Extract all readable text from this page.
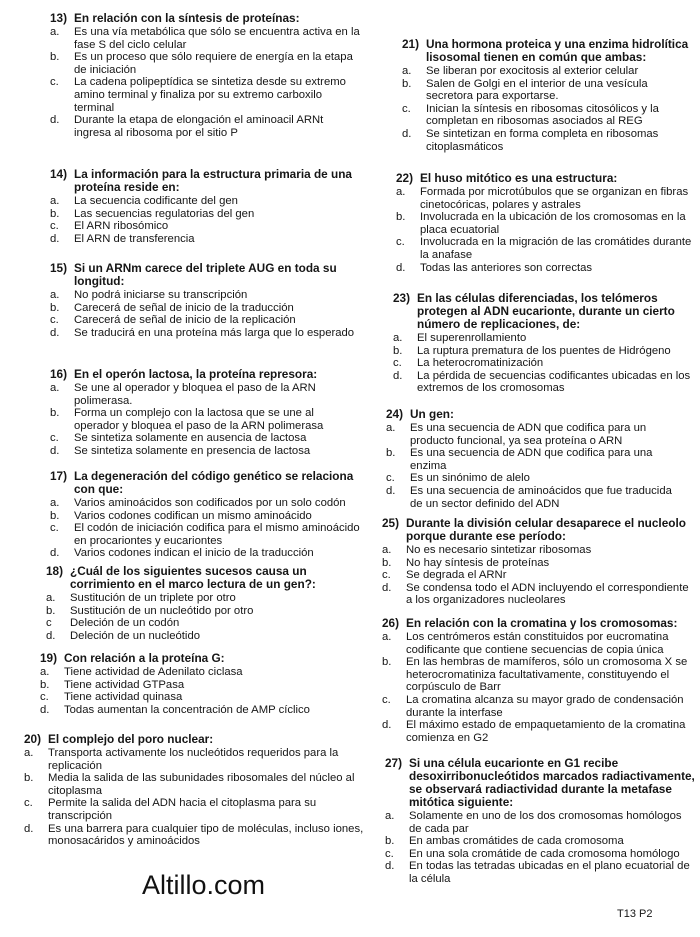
13) En relación con la síntesis de proteínas:
a.	Es una vía metabólica que sólo se encuentra activa en la fase S del ciclo celular
b.	Es un proceso que sólo requiere de energía en la etapa de iniciación
c.	La cadena polipeptídica se sintetiza desde su extremo amino terminal y finaliza por su extremo carboxilo terminal
d.	Durante la etapa de elongación el aminoacil ARNt ingresa al ribosoma por el sitio P
14) La información para la estructura primaria de una proteína reside en:
a.	La secuencia codificante del gen
b.	Las secuencias regulatorias del gen
c.	El ARN ribosómico
d.	El ARN de transferencia
15) Si un ARNm carece del triplete AUG en toda su longitud:
a.	No podrá iniciarse su transcripción
b.	Carecerá de señal de inicio de la traducción
c.	Carecerá de señal de inicio de la replicación
d.	Se traducirá en una proteína más larga que lo esperado
16) En el operón lactosa, la proteína represora:
a.	Se une al operador y bloquea el paso de la ARN polimerasa.
b.	Forma un complejo con la lactosa que se une al operador y bloquea el paso de la ARN polimerasa
c.	Se sintetiza solamente en ausencia de lactosa
d.	Se sintetiza solamente en presencia de lactosa
17) La degeneración del código genético se relaciona con que:
a.	Varios aminoácidos son codificados por un solo codón
b.	Varios codones codifican un mismo aminoácido
c.	El codón de iniciación codifica para el mismo aminoácido en procariontes y eucariontes
d.	Varios codones indican el inicio de la traducción
18) ¿Cuál de los siguientes sucesos causa un corrimiento en el marco lectura de un gen?:
a.	Sustitución de un triplete por otro
b.	Sustitución de un nucleótido por otro
c	Deleción de un codón
d.	Deleción de un nucleótido
19) Con relación a la proteína G:
a.	Tiene actividad de Adenilato ciclasa
b.	Tiene actividad GTPasa
c.	Tiene actividad quinasa
d.	Todas aumentan la concentración de AMP cíclico
20) El complejo del poro nuclear:
a.	Transporta activamente los nucleótidos requeridos para la replicación
b.	Media la salida de las subunidades ribosomales del núcleo al citoplasma
c.	Permite la salida del ADN hacia el citoplasma para su transcripción
d.	Es una barrera para cualquier tipo de moléculas, incluso iones, monosacáridos y aminoácidos
21) Una hormona proteica y una enzima hidrolítica lisosomal tienen en común que ambas:
a.	Se liberan por exocitosis al exterior celular
b.	Salen de Golgi en el interior de una vesícula secretora para exportarse.
c.	Inician la síntesis en ribosomas citosólicos y la completan en ribosomas asociados al REG
d.	Se sintetizan en forma completa en ribosomas citoplasmáticos
22) El huso mitótico es una estructura:
a.	Formada por microtúbulos que se organizan en fibras cinetocóricas, polares y astrales
b.	Involucrada en la ubicación de los cromosomas en la placa ecuatorial
c.	Involucrada en la migración de las cromátides durante la anafase
d.	Todas las anteriores son correctas
23) En las células diferenciadas, los telómeros protegen al ADN eucarionte, durante un cierto número de replicaciones, de:
a.	El superenrollamiento
b.	La ruptura prematura de los puentes de Hidrógeno
c.	La heterocromatinización
d.	La pérdida de secuencias codificantes ubicadas en los extremos de los cromosomas
24) Un gen:
a.	Es una secuencia de ADN que codifica para un producto funcional, ya sea proteína o ARN
b.	Es una secuencia de ADN que codifica para una enzima
c.	Es un sinónimo de alelo
d.	Es una secuencia de aminoácidos que fue traducida de un sector definido del ADN
25) Durante la división celular desaparece el nucleolo porque durante ese período:
a.	No es necesario sintetizar ribosomas
b.	No hay síntesis de proteínas
c.	Se degrada el ARNr
d.	Se condensa todo el ADN incluyendo el correspondiente a los organizadores nucleolares
26) En relación con la cromatina y los cromosomas:
a.	Los centrómeros están constituidos por eucromatina codificante que contiene secuencias de copia única
b.	En las hembras de mamíferos, sólo un cromosoma X se heterocromatiniza facultativamente, constituyendo el corpúsculo de Barr
c.	La cromatina alcanza su mayor grado de condensación durante la interfase
d.	El máximo estado de empaquetamiento de la cromatina comienza en G2
27) Si una célula eucarionte en G1 recibe desoxirribonucleótidos marcados radiactivamente, se observará radiactividad durante la metafase mitótica siguiente:
a.	Solamente en uno de los dos cromosomas homólogos de cada par
b.	En ambas cromátides de cada cromosoma
c.	En una sola cromátide de cada cromosoma homólogo
d.	En todas las tetradas ubicadas en el plano ecuatorial de la célula
Altillo.com
T13 P2
